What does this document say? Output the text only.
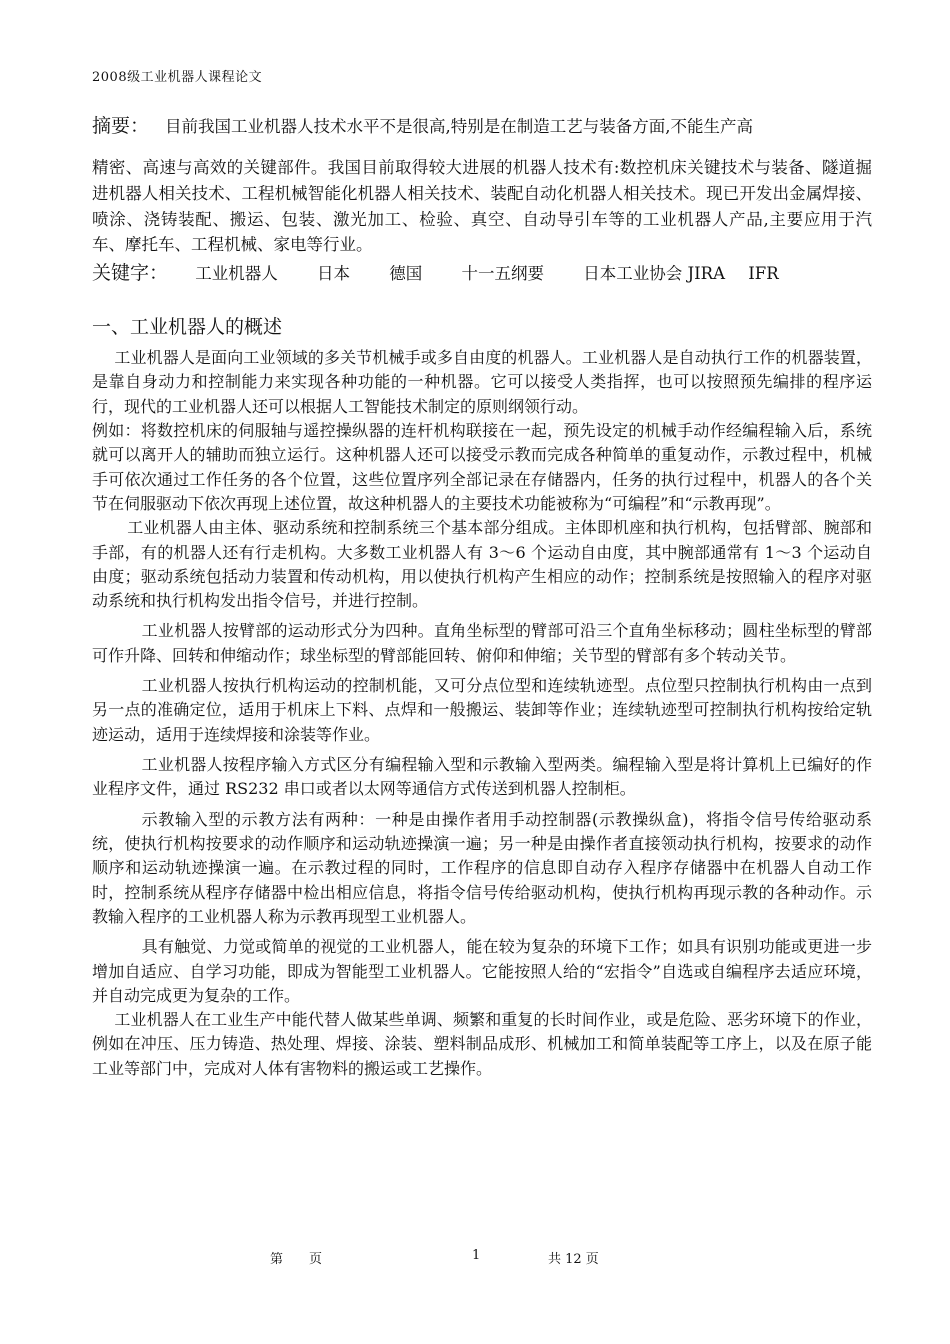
2008级工业机器人课程论文
摘要： 目前我国工业机器人技术水平不是很高,特别是在制造工艺与装备方面,不能生产高
精密、高速与高效的关键部件。我国目前取得较大进展的机器人技术有:数控机床关键技术与装备、隧道掘进机器人相关技术、工程机械智能化机器人相关技术、装配自动化机器人相关技术。现已开发出金属焊接、喷涂、浇铸装配、搬运、包装、激光加工、检验、真空、自动导引车等的工业机器人产品,主要应用于汽车、摩托车、工程机械、家电等行业。
关键字： 工业机器人 日本 德国 十一五纲要 日本工业协会 JIRA IFR
一、工业机器人的概述

工业机器人是面向工业领域的多关节机械手或多自由度的机器人。工业机器人是自动执行工作的机器装置，是靠自身动力和控制能力来实现各种功能的一种机器。它可以接受人类指挥，也可以按照预先编排的程序运行，现代的工业机器人还可以根据人工智能技术制定的原则纲领行动。

例如：将数控机床的伺服轴与遥控操纵器的连杆机构联接在一起，预先设定的机械手动作经编程输入后，系统就可以离开人的辅助而独立运行。这种机器人还可以接受示教而完成各种简单的重复动作，示教过程中，机械手可依次通过工作任务的各个位置，这些位置序列全部记录在存储器内，任务的执行过程中，机器人的各个关节在伺服驱动下依次再现上述位置，故这种机器人的主要技术功能被称为“可编程”和“示教再现”。

工业机器人由主体、驱动系统和控制系统三个基本部分组成。主体即机座和执行机构，包括臂部、腕部和手部，有的机器人还有行走机构。大多数工业机器人有 3～6 个运动自由度，其中腕部通常有 1～3 个运动自由度；驱动系统包括动力装置和传动机构，用以使执行机构产生相应的动作；控制系统是按照输入的程序对驱动系统和执行机构发出指令信号，并进行控制。

工业机器人按臂部的运动形式分为四种。直角坐标型的臂部可沿三个直角坐标移动；圆柱坐标型的臂部可作升降、回转和伸缩动作；球坐标型的臂部能回转、俯仰和伸缩；关节型的臂部有多个转动关节。

工业机器人按执行机构运动的控制机能，又可分点位型和连续轨迹型。点位型只控制执行机构由一点到另一点的准确定位，适用于机床上下料、点焊和一般搬运、装卸等作业；连续轨迹型可控制执行机构按给定轨迹运动，适用于连续焊接和涂装等作业。

工业机器人按程序输入方式区分有编程输入型和示教输入型两类。编程输入型是将计算机上已编好的作业程序文件，通过 RS232 串口或者以太网等通信方式传送到机器人控制柜。

示教输入型的示教方法有两种：一种是由操作者用手动控制器(示教操纵盒)，将指令信号传给驱动系统，使执行机构按要求的动作顺序和运动轨迹操演一遍；另一种是由操作者直接领动执行机构，按要求的动作顺序和运动轨迹操演一遍。在示教过程的同时，工作程序的信息即自动存入程序存储器中在机器人自动工作时，控制系统从程序存储器中检出相应信息，将指令信号传给驱动机构，使执行机构再现示教的各种动作。示教输入程序的工业机器人称为示教再现型工业机器人。

具有触觉、力觉或简单的视觉的工业机器人，能在较为复杂的环境下工作；如具有识别功能或更进一步增加自适应、自学习功能，即成为智能型工业机器人。它能按照人给的“宏指令”自选或自编程序去适应环境，并自动完成更为复杂的工作。

工业机器人在工业生产中能代替人做某些单调、频繁和重复的长时间作业，或是危险、恶劣环境下的作业，例如在冲压、压力铸造、热处理、焊接、涂装、塑料制品成形、机械加工和简单装配等工序上，以及在原子能工业等部门中，完成对人体有害物料的搬运或工艺操作。

第　　页	1	共 12 页
